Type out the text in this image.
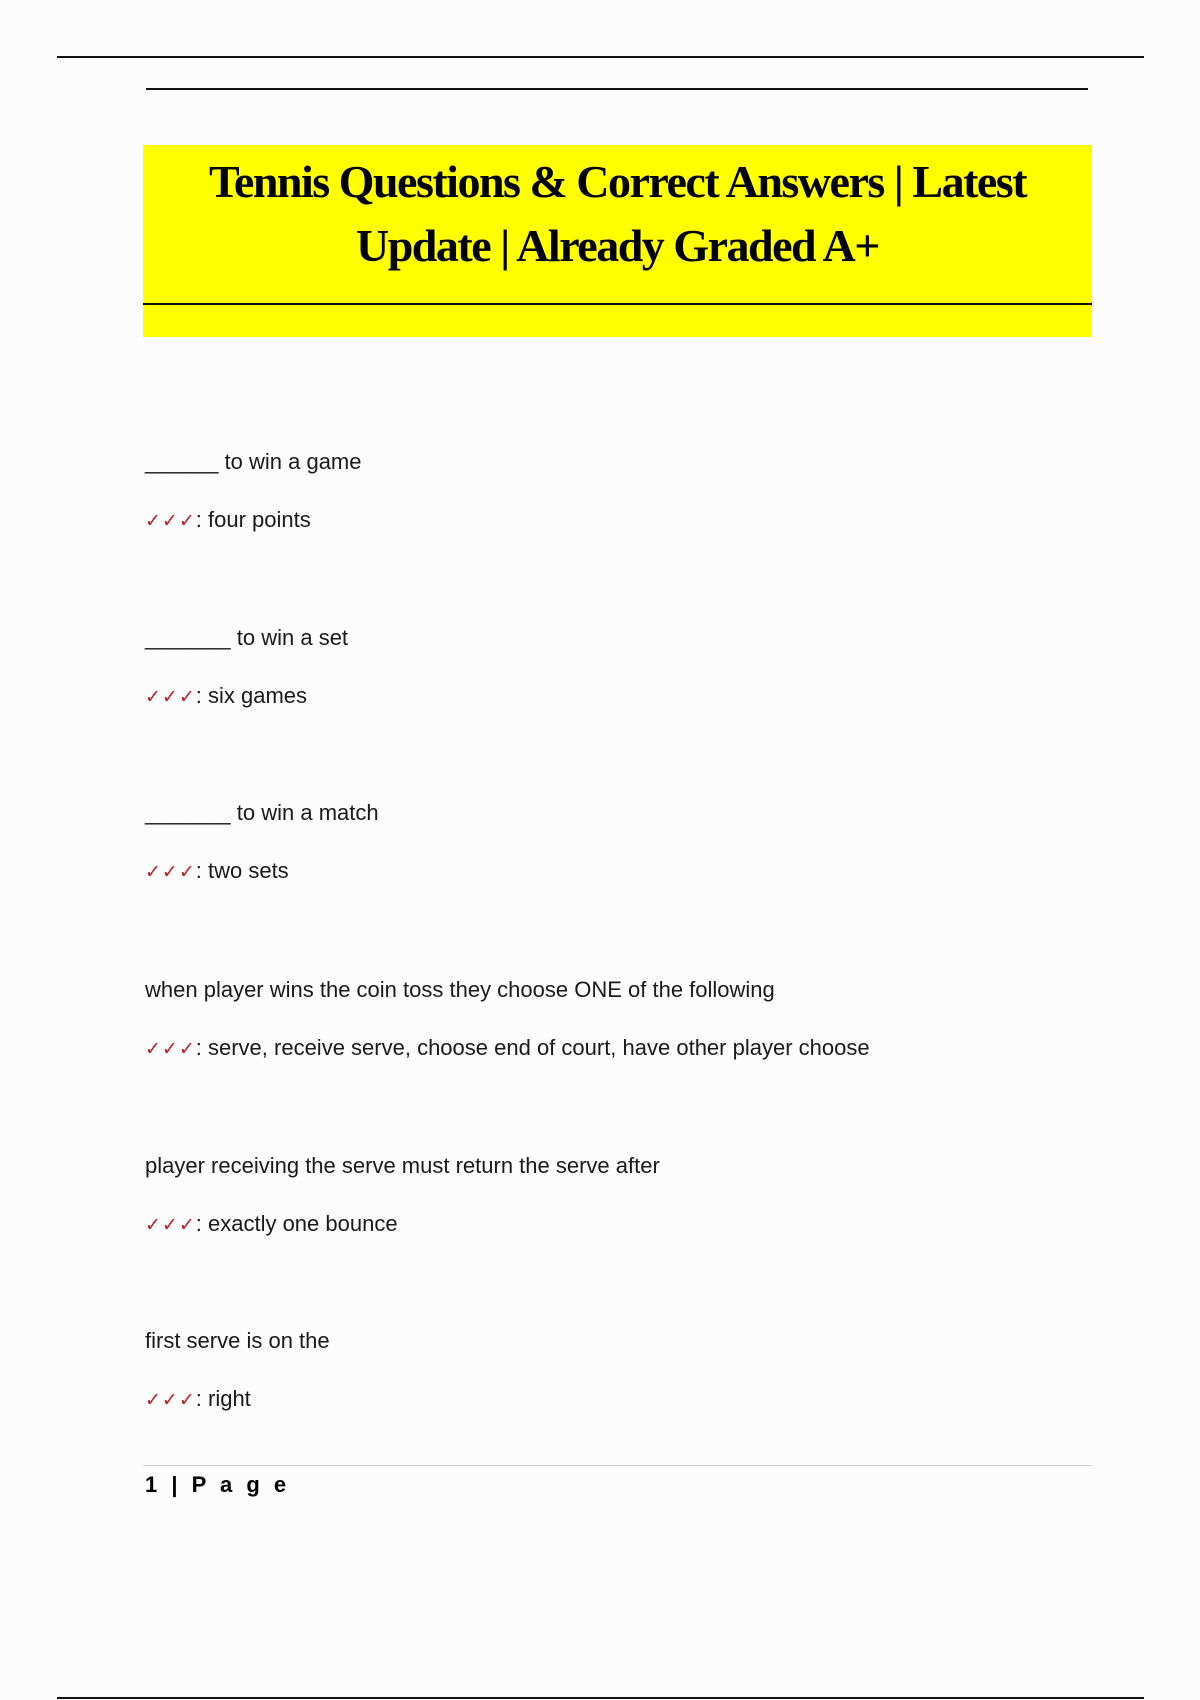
Tennis Questions & Correct Answers | Latest
Update | Already Graded A+
______ to win a game
✓✓✓: four points
_______ to win a set
✓✓✓: six games
_______ to win a match
✓✓✓: two sets
when player wins the coin toss they choose ONE of the following
✓✓✓: serve, receive serve, choose end of court, have other player choose
player receiving the serve must return the serve after
✓✓✓: exactly one bounce
first serve is on the
✓✓✓: right
1 | P a g e
